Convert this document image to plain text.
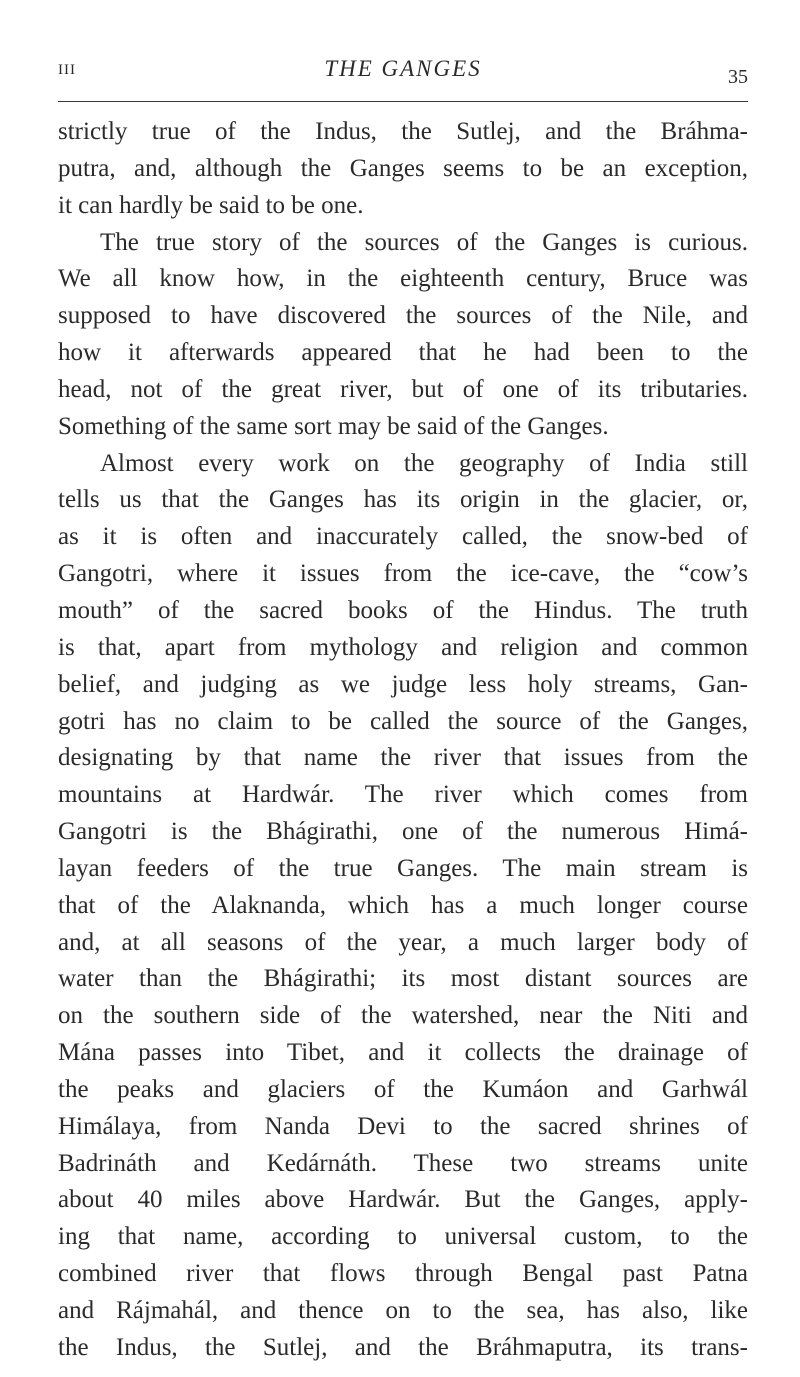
III	THE GANGES	35
strictly true of the Indus, the Sutlej, and the Bráhma-
putra, and, although the Ganges seems to be an exception,
it can hardly be said to be one.
The true story of the sources of the Ganges is curious.
We all know how, in the eighteenth century, Bruce was
supposed to have discovered the sources of the Nile, and
how it afterwards appeared that he had been to the
head, not of the great river, but of one of its tributaries.
Something of the same sort may be said of the Ganges.
Almost every work on the geography of India still
tells us that the Ganges has its origin in the glacier, or,
as it is often and inaccurately called, the snow-bed of
Gangotri, where it issues from the ice-cave, the “cow’s
mouth” of the sacred books of the Hindus. The truth
is that, apart from mythology and religion and common
belief, and judging as we judge less holy streams, Gan-
gotri has no claim to be called the source of the Ganges,
designating by that name the river that issues from the
mountains at Hardwár. The river which comes from
Gangotri is the Bhágirathi, one of the numerous Himá-
layan feeders of the true Ganges. The main stream is
that of the Alaknanda, which has a much longer course
and, at all seasons of the year, a much larger body of
water than the Bhágirathi; its most distant sources are
on the southern side of the watershed, near the Niti and
Mána passes into Tibet, and it collects the drainage of
the peaks and glaciers of the Kumáon and Garhwál
Himálaya, from Nanda Devi to the sacred shrines of
Badrináth and Kedárnáth. These two streams unite
about 40 miles above Hardwár. But the Ganges, apply-
ing that name, according to universal custom, to the
combined river that flows through Bengal past Patna
and Rájmahál, and thence on to the sea, has also, like
the Indus, the Sutlej, and the Bráhmaputra, its trans-
